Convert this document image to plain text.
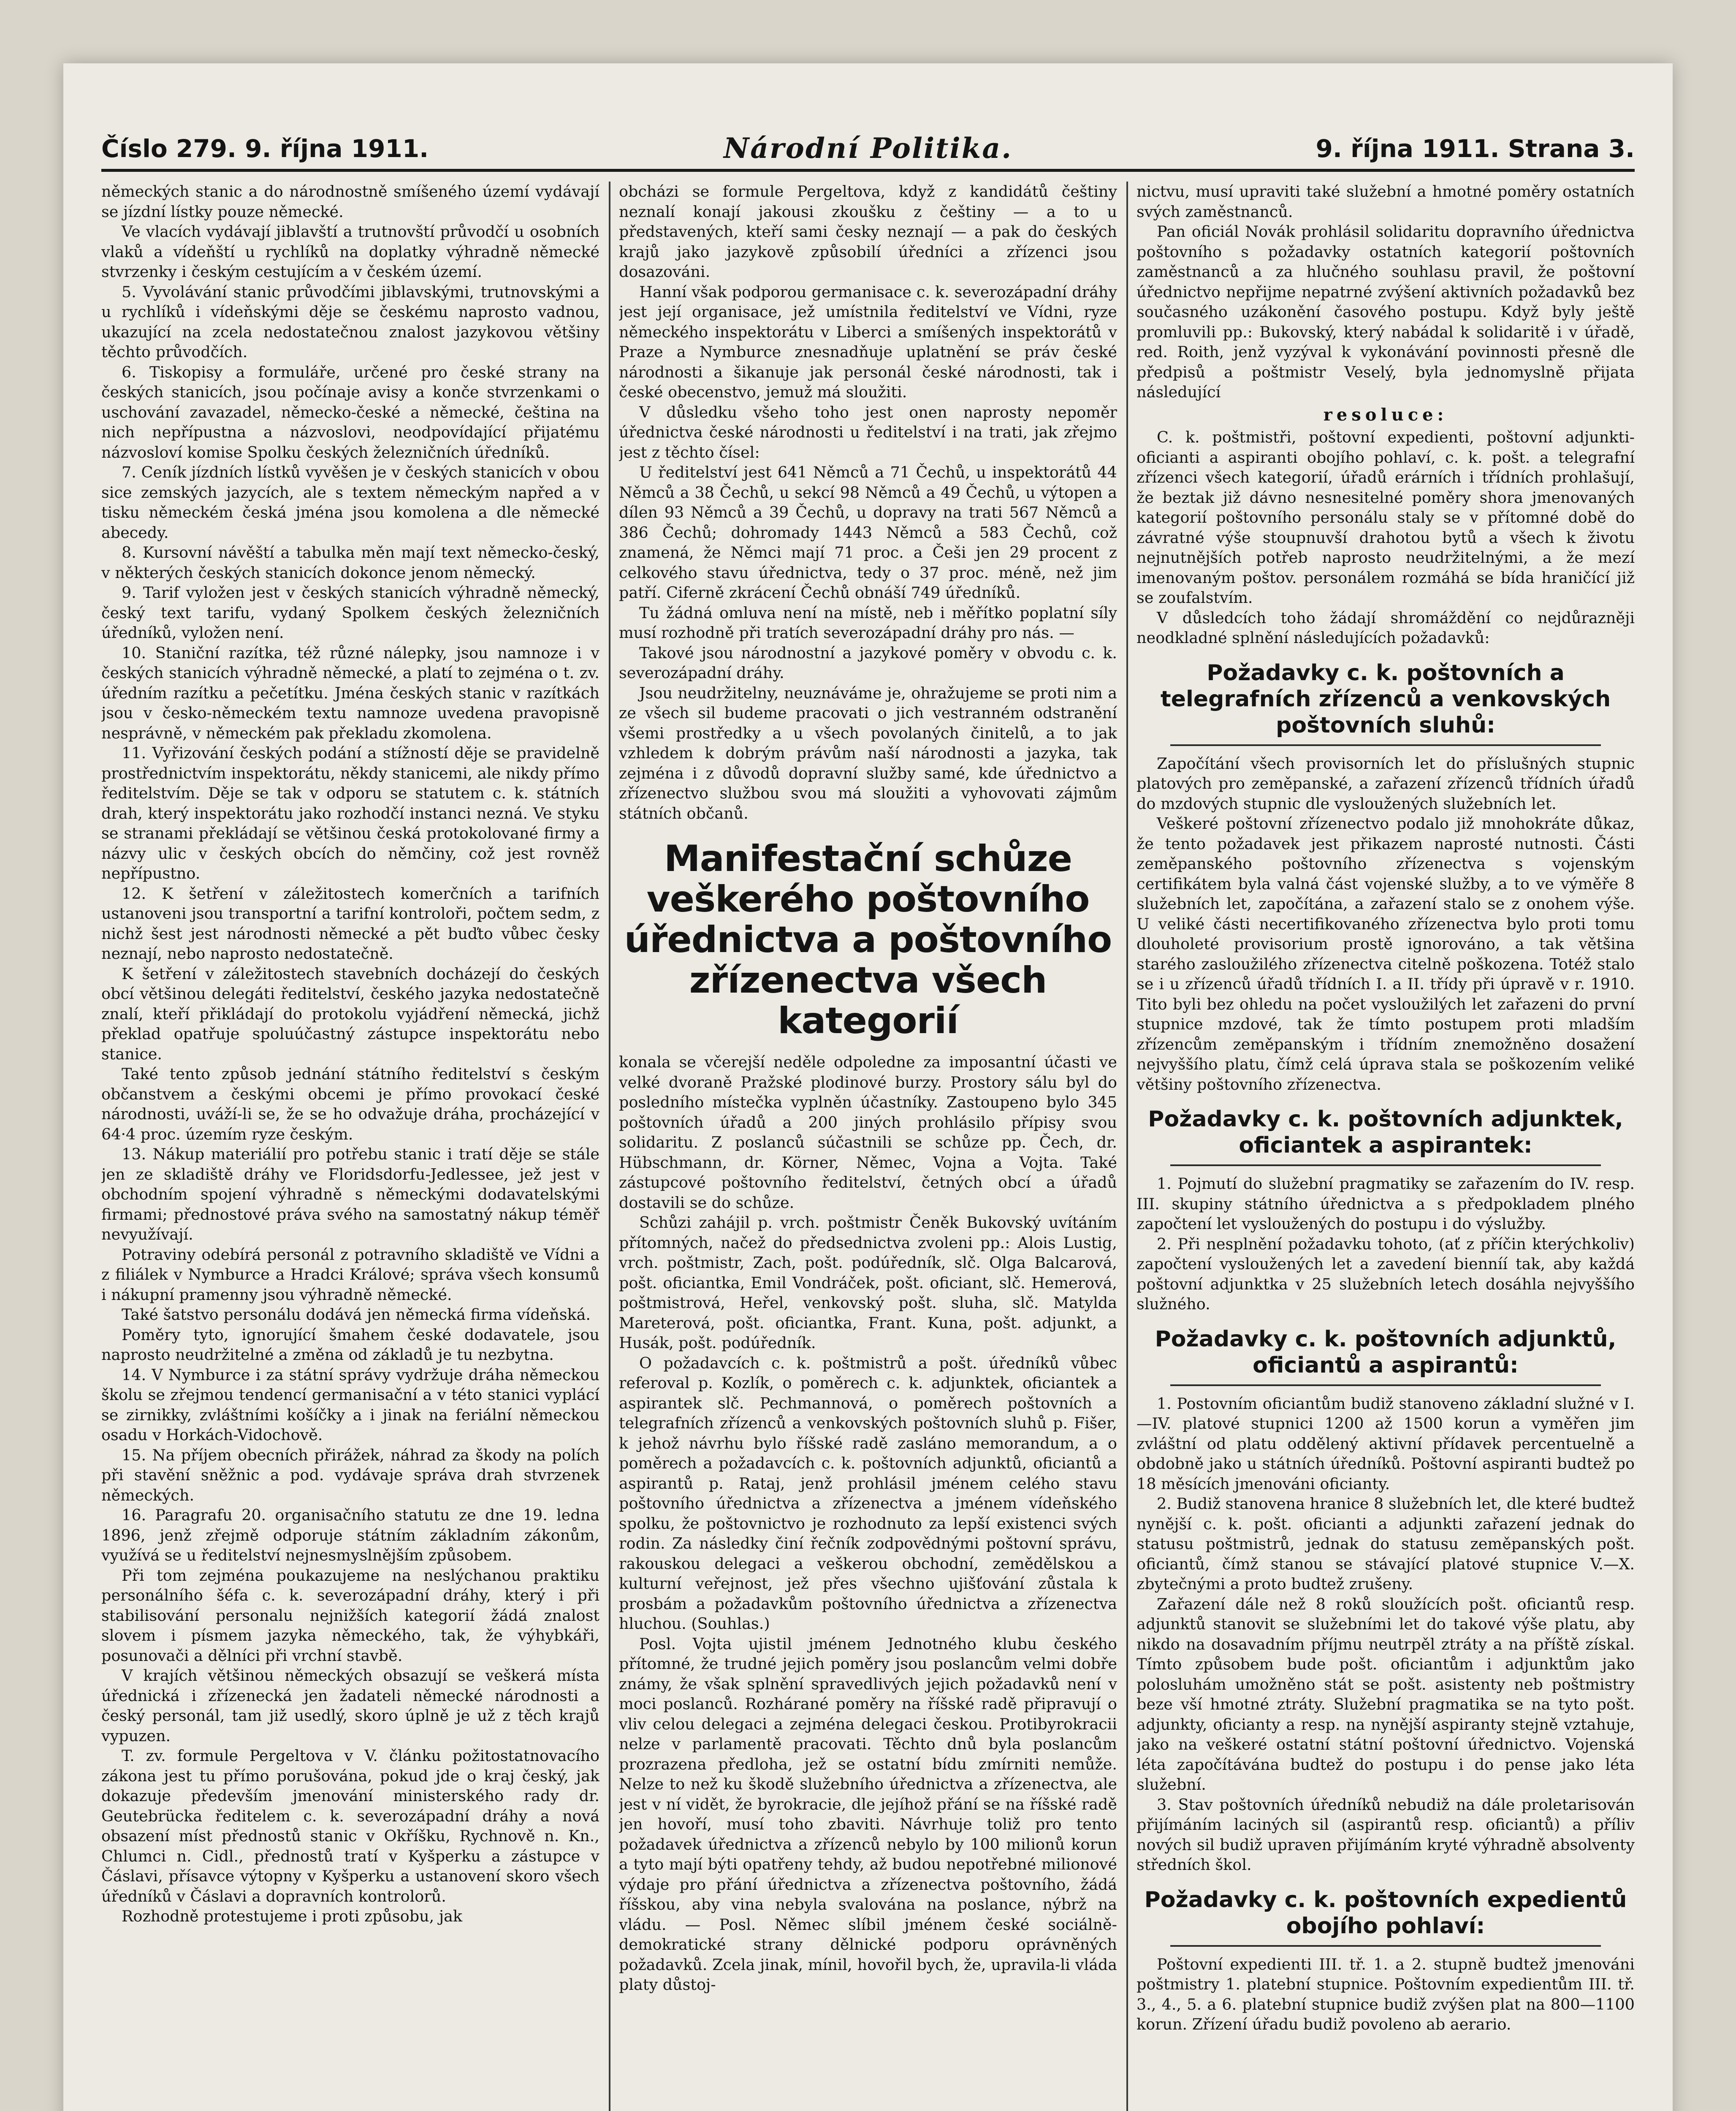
Číslo 279. 9. října 1911.	Národní Politika.	9. října 1911. Strana 3.

německých stanic a do národnostně smíšeného území vydávají se jízdní lístky pouze německé.

Ve vlacích vydávají jiblavští a trutnovští průvodčí u osobních vlaků a vídeňští u rychlíků na doplatky výhradně německé stvrzenky i českým cestujícím a v českém území.

5. Vyvolávání stanic průvodčími jiblavskými, trutnovskými a u rychlíků i vídeňskými děje se českému naprosto vadnou, ukazující na zcela nedostatečnou znalost jazykovou většiny těchto průvodčích.

6. Tiskopisy a formuláře, určené pro české strany na českých stanicích, jsou počínaje avisy a konče stvrzenkami o uschování zavazadel, německo-české a německé, čeština na nich nepřípustna a názvoslovi, neodpovídající přijatému názvosloví komise Spolku českých železničních úředníků.

7. Ceník jízdních lístků vyvěšen je v českých stanicích v obou sice zemských jazycích, ale s textem německým napřed a v tisku německém česká jména jsou komolena a dle německé abecedy.

8. Kursovní návěští a tabulka měn mají text německo-český, v některých českých stanicích dokonce jenom německý.

9. Tarif vyložen jest v českých stanicích výhradně německý, český text tarifu, vydaný Spolkem českých železničních úředníků, vyložen není.

10. Staniční razítka, též různé nálepky, jsou namnoze i v českých stanicích výhradně německé, a platí to zejména o t. zv. úředním razítku a pečetítku. Jména českých stanic v razítkách jsou v česko-německém textu namnoze uvedena pravopisně nesprávně, v německém pak překladu zkomolena.

11. Vyřizování českých podání a stížností děje se pravidelně prostřednictvím inspektorátu, někdy stanicemi, ale nikdy přímo ředitelstvím. Děje se tak v odporu se statutem c. k. státních drah, který inspektorátu jako rozhodčí instanci nezná. Ve styku se stranami překládají se většinou česká protokolované firmy a názvy ulic v českých obcích do němčiny, což jest rovněž nepřípustno.

12. K šetření v záležitostech komerčních a tarifních ustanoveni jsou transportní a tarifní kontroloři, počtem sedm, z nichž šest jest národnosti německé a pět buďto vůbec česky neznají, nebo naprosto nedostatečně.

K šetření v záležitostech stavebních docházejí do českých obcí většinou delegáti ředitelství, českého jazyka nedostatečně znalí, kteří přikládají do protokolu vyjádření německá, jichž překlad opatřuje spoluúčastný zástupce inspektorátu nebo stanice.

Také tento způsob jednání státního ředitelství s českým občanstvem a českými obcemi je přímo provokací české národnosti, uváží-li se, že se ho odvažuje dráha, procházející v 64·4 proc. územím ryze českým.

13. Nákup materiálií pro potřebu stanic i tratí děje se stále jen ze skladiště dráhy ve Floridsdorfu-Jedlessee, jež jest v obchodním spojení výhradně s německými dodavatelskými firmami; přednostové práva svého na samostatný nákup téměř nevyužívají.

Potraviny odebírá personál z potravního skladiště ve Vídni a z filiálek v Nymburce a Hradci Králové; správa všech konsumů i nákupní pramenny jsou výhradně německé.

Také šatstvo personálu dodává jen německá firma vídeňská.

Poměry tyto, ignorující šmahem české dodavatele, jsou naprosto neudržitelné a změna od základů je tu nezbytna.

14. V Nymburce i za státní správy vydržuje dráha německou školu se zřejmou tendencí germanisační a v této stanici vyplácí se zirnikky, zvláštními košíčky a i jinak na feriální německou osadu v Horkách-Vidochově.

15. Na příjem obecních přirážek, náhrad za škody na polích při stavění sněžnic a pod. vydávaje správa drah stvrzenek německých.

16. Paragrafu 20. organisačního statutu ze dne 19. ledna 1896, jenž zřejmě odporuje státním základním zákonům, využívá se u ředitelství nejnesmyslnějším způsobem.

Při tom zejména poukazujeme na neslýchanou praktiku personálního šéfa c. k. severozápadní dráhy, který i při stabilisování personalu nejnižších kategorií žádá znalost slovem i písmem jazyka německého, tak, že výhybkáři, posunovači a dělníci při vrchní stavbě.

V krajích většinou německých obsazují se veškerá místa úřednická i zřízenecká jen žadateli německé národnosti a český personál, tam již usedlý, skoro úplně je už z těch krajů vypuzen.

T. zv. formule Pergeltova v V. článku požitostatnovacího zákona jest tu přímo porušována, pokud jde o kraj český, jak dokazuje především jmenování ministerského rady dr. Geutebrücka ředitelem c. k. severozápadní dráhy a nová obsazení míst přednostů stanic v Okříšku, Rychnově n. Kn., Chlumci n. Cidl., přednostů tratí v Kyšperku a zástupce v Čáslavi, přísavce výtopny v Kyšperku a ustanovení skoro všech úředníků v Čáslavi a dopravních kontrolorů.

Rozhodně protestujeme i proti způsobu, jak

obcházi se formule Pergeltova, když z kandidátů češtiny neznalí konají jakousi zkoušku z češtiny — a to u představených, kteří sami česky neznají — a pak do českých krajů jako jazykově způsobilí úředníci a zřízenci jsou dosazováni.

Hanní však podporou germanisace c. k. severozápadní dráhy jest její organisace, jež umístnila ředitelství ve Vídni, ryze německého inspektorátu v Liberci a smíšených inspektorátů v Praze a Nymburce znesnadňuje uplatnění se práv české národnosti a šikanuje jak personál české národnosti, tak i české obecenstvo, jemuž má sloužiti.

V důsledku všeho toho jest onen naprosty nepoměr úřednictva české národnosti u ředitelství i na trati, jak zřejmo jest z těchto čísel:

U ředitelství jest 641 Němců a 71 Čechů, u inspektorátů 44 Němců a 38 Čechů, u sekcí 98 Němců a 49 Čechů, u výtopen a dílen 93 Němců a 39 Čechů, u dopravy na trati 567 Němců a 386 Čechů; dohromady 1443 Němců a 583 Čechů, což znamená, že Němci mají 71 proc. a Češi jen 29 procent z celkového stavu úřednictva, tedy o 37 proc. méně, než jim patří. Ciferně zkrácení Čechů obnáší 749 úředníků.

Tu žádná omluva není na místě, neb i měřítko poplatní síly musí rozhodně při tratích severozápadní dráhy pro nás. —

Takové jsou národnostní a jazykové poměry v obvodu c. k. severozápadní dráhy.

Jsou neudržitelny, neuznáváme je, ohražujeme se proti nim a ze všech sil budeme pracovati o jich vestranném odstranění všemi prostředky a u všech povolaných činitelů, a to jak vzhledem k dobrým právům naší národnosti a jazyka, tak zejména i z důvodů dopravní služby samé, kde úřednictvo a zřízenectvo službou svou má sloužiti a vyhovovati zájmům státních občanů.

Manifestační schůze veškerého poštovního úřednictva a poštovního zřízenectva všech kategorií

konala se včerejší neděle odpoledne za imposantní účasti ve velké dvoraně Pražské plodinové burzy. Prostory sálu byl do posledního místečka vyplněn účastníky. Zastoupeno bylo 345 poštovních úřadů a 200 jiných prohlásilo přípisy svou solidaritu. Z poslanců súčastnili se schůze pp. Čech, dr. Hübschmann, dr. Körner, Němec, Vojna a Vojta. Také zástupcové poštovního ředitelství, četných obcí a úřadů dostavili se do schůze.

Schůzi zahájil p. vrch. poštmistr Čeněk Bukovský uvítáním přítomných, načež do předsednictva zvoleni pp.: Alois Lustig, vrch. poštmistr, Zach, pošt. podúředník, slč. Olga Balcarová, pošt. oficiantka, Emil Vondráček, pošt. oficiant, slč. Hemerová, poštmistrová, Heřel, venkovský pošt. sluha, slč. Matylda Mareterová, pošt. oficiantka, Frant. Kuna, pošt. adjunkt, a Husák, pošt. podúředník.

O požadavcích c. k. poštmistrů a pošt. úředníků vůbec referoval p. Kozlík, o poměrech c. k. adjunktek, oficiantek a aspirantek slč. Pechmannová, o poměrech poštovních a telegrafních zřízenců a venkovských poštovních sluhů p. Fišer, k jehož návrhu bylo říšské radě zasláno memorandum, a o poměrech a požadavcích c. k. poštovních adjunktů, oficiantů a aspirantů p. Rataj, jenž prohlásil jménem celého stavu poštovního úřednictva a zřízenectva a jménem vídeňského spolku, že poštovnictvo je rozhodnuto za lepší existenci svých rodin. Za následky činí řečník zodpovědnými poštovní správu, rakouskou delegaci a veškerou obchodní, zemědělskou a kulturní veřejnost, jež přes všechno ujišťování zůstala k prosbám a požadavkům poštovního úřednictva a zřízenectva hluchou. (Souhlas.)

Posl. Vojta ujistil jménem Jednotného klubu českého přítomné, že trudné jejich poměry jsou poslancům velmi dobře známy, že však splnění spravedlivých jejich požadavků není v moci poslanců. Rozhárané poměry na říšské radě připravují o vliv celou delegaci a zejména delegaci českou. Protibyrokracii nelze v parlamentě pracovati. Těchto dnů byla poslancům prozrazena předloha, jež se ostatní bídu zmírniti nemůže. Nelze to než ku škodě služebního úřednictva a zřízenectva, ale jest v ní vidět, že byrokracie, dle jejíhož přání se na říšské radě jen hovoří, musí toho zbaviti. Návrhuje toliž pro tento požadavek úřednictva a zřízenců nebylo by 100 milionů korun a tyto mají býti opatřeny tehdy, až budou nepotřebné milionové výdaje pro přání úřednictva a zřízenectva poštovního, žádá říšskou, aby vina nebyla svalována na poslance, nýbrž na vládu. — Posl. Němec slíbil jménem české sociálně-demokratické strany dělnické podporu oprávněných požadavků. Zcela jinak, mínil, hovořil bych, že, upravila-li vláda platy důstoj-

nictvu, musí upraviti také služební a hmotné poměry ostatních svých zaměstnanců.

Pan oficiál Novák prohlásil solidaritu dopravního úřednictva poštovního s požadavky ostatních kategorií poštovních zaměstnanců a za hlučného souhlasu pravil, že poštovní úřednictvo nepřijme nepatrné zvýšení aktivních požadavků bez současného uzákonění časového postupu. Když byly ještě promluvili pp.: Bukovský, který nabádal k solidaritě i v úřadě, red. Roith, jenž vyzýval k vykonávání povinnosti přesně dle předpisů a poštmistr Veselý, byla jednomyslně přijata následující

resoluce:

C. k. poštmistři, poštovní expedienti, poštovní adjunkti-oficianti a aspiranti obojího pohlaví, c. k. pošt. a telegrafní zřízenci všech kategorií, úřadů erárních i třídních prohlašují, že beztak již dávno nesnesitelné poměry shora jmenovaných kategorií poštovního personálu staly se v přítomné době do závratné výše stoupnuvší drahotou bytů a všech k životu nejnutnějších potřeb naprosto neudržitelnými, a že mezí imenovaným poštov. personálem rozmáhá se bída hraničící již se zoufalstvím.

V důsledcích toho žádají shromáždění co nejdůrazněji neodkladné splnění následujících požadavků:

Požadavky c. k. poštovních a telegrafních zřízenců a venkovských poštovních sluhů:

Započítání všech provisorních let do příslušných stupnic platových pro zeměpanské, a zařazení zřízenců třídních úřadů do mzdových stupnic dle vysloužených služebních let.

Veškeré poštovní zřízenectvo podalo již mnohokráte důkaz, že tento požadavek jest přikazem naprosté nutnosti. Části zeměpanského poštovního zřízenectva s vojenským certifikátem byla valná část vojenské služby, a to ve výměře 8 služebních let, započítána, a zařazení stalo se z onohem výše. U veliké části necertifikovaného zřízenectva bylo proti tomu dlouholeté provisorium prostě ignorováno, a tak většina starého zasloužilého zřízenectva citelně poškozena. Totéž stalo se i u zřízenců úřadů třídních I. a II. třídy při úpravě v r. 1910. Tito byli bez ohledu na počet vysloužilých let zařazeni do první stupnice mzdové, tak že tímto postupem proti mladším zřízencům zeměpanským i třídním znemožněno dosažení nejvyššího platu, čímž celá úprava stala se poškozením veliké většiny poštovního zřízenectva.

Požadavky c. k. poštovních adjunktek, oficiantek a aspirantek:

1. Pojmutí do služební pragmatiky se zařazením do IV. resp. III. skupiny státního úřednictva a s předpokladem plného započtení let vysloužených do postupu i do výslužby.

2. Při nesplnění požadavku tohoto, (ať z příčin kterýchkoliv) započtení vysloužených let a zavedení bienníí tak, aby každá poštovní adjunktka v 25 služebních letech dosáhla nejvyššího služného.

Požadavky c. k. poštovních adjunktů, oficiantů a aspirantů:

1. Postovním oficiantům budiž stanoveno základní služné v I.—IV. platové stupnici 1200 až 1500 korun a vyměřen jim zvláštní od platu oddělený aktivní přídavek percentuelně a obdobně jako u státních úředníků. Poštovní aspiranti budtež po 18 měsících jmenováni oficianty.

2. Budiž stanovena hranice 8 služebních let, dle které budtež nynější c. k. pošt. oficianti a adjunkti zařazení jednak do statusu poštmistrů, jednak do statusu zeměpanských pošt. oficiantů, čímž stanou se stávající platové stupnice V.—X. zbytečnými a proto budtež zrušeny.

Zařazení dále než 8 roků sloužících pošt. oficiantů resp. adjunktů stanovit se služebními let do takové výše platu, aby nikdo na dosavadním příjmu neutrpěl ztráty a na příště získal. Tímto způsobem bude pošt. oficiantům i adjunktům jako polosluhám umožněno stát se pošt. asistenty neb poštmistry beze vší hmotné ztráty. Služební pragmatika se na tyto pošt. adjunkty, oficianty a resp. na nynější aspiranty stejně vztahuje, jako na veškeré ostatní státní poštovní úřednictvo. Vojenská léta započítávána budtež do postupu i do pense jako léta služební.

3. Stav poštovních úředníků nebudiž na dále proletarisován přijímáním laciných sil (aspirantů resp. oficiantů) a příliv nových sil budiž upraven přijímáním kryté výhradně absolventy středních škol.

Požadavky c. k. poštovních expedientů obojího pohlaví:

Poštovní expedienti III. tř. 1. a 2. stupně budtež jmenováni poštmistry 1. platební stupnice. Poštovním expedientům III. tř. 3., 4., 5. a 6. platební stupnice budiž zvýšen plat na 800—1100 korun. Zřízení úřadu budiž povoleno ab aerario.
